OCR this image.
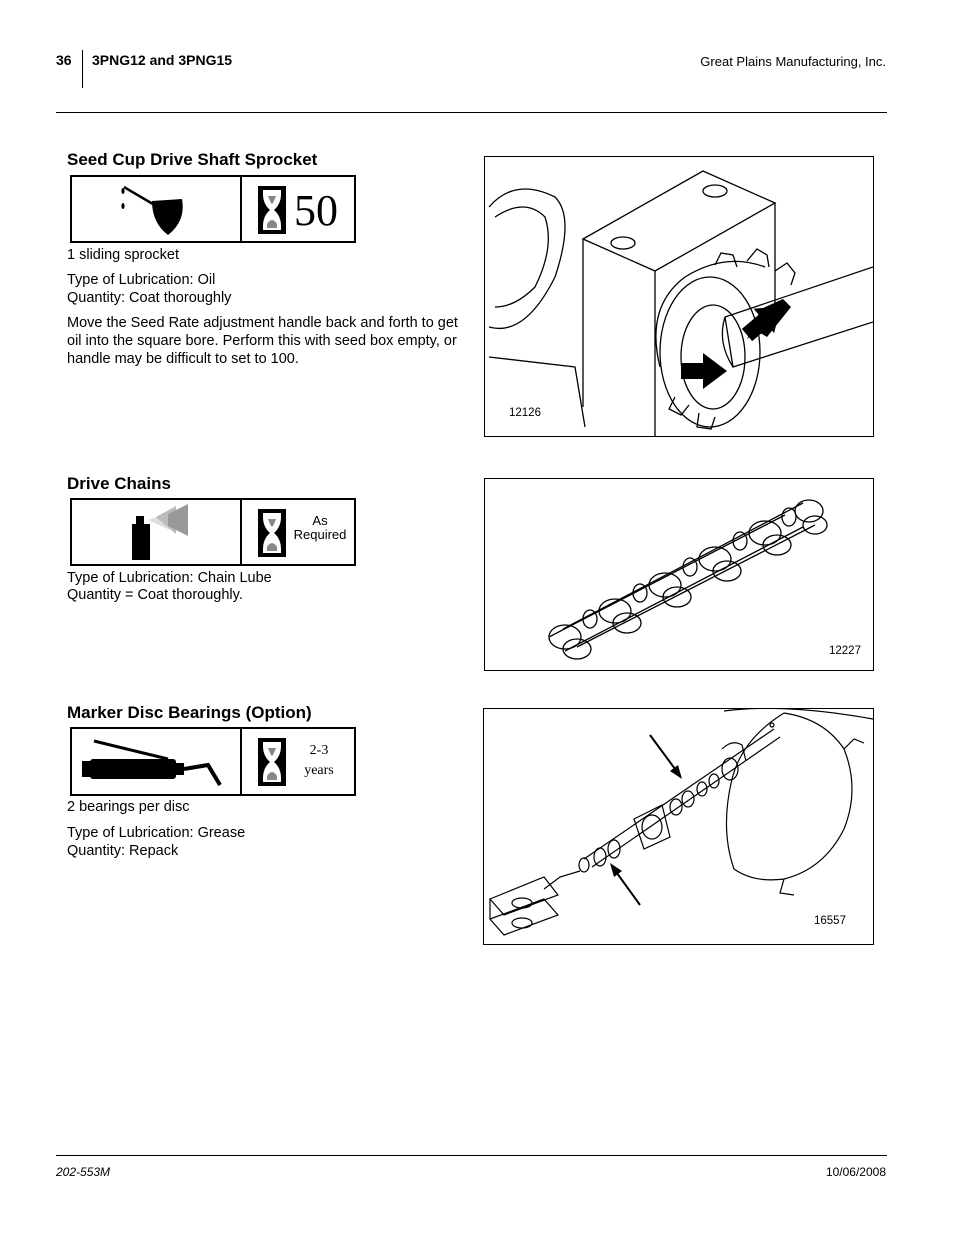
36 3PNG12 and 3PNG15	Great Plains Manufacturing, Inc.
Seed Cup Drive Shaft Sprocket
50
1 sliding sprocket
Type of Lubrication: Oil
Quantity: Coat thoroughly
Move the Seed Rate adjustment handle back and forth to get oil into the square bore. Perform this with seed box empty, or handle may be difficult to set to 100.
12126
Drive Chains
As Required
Type of Lubrication: Chain Lube
Quantity = Coat thoroughly.
12227
Marker Disc Bearings (Option)
2-3
years
2 bearings per disc
Type of Lubrication: Grease
Quantity: Repack
16557
202-553M	10/06/2008
